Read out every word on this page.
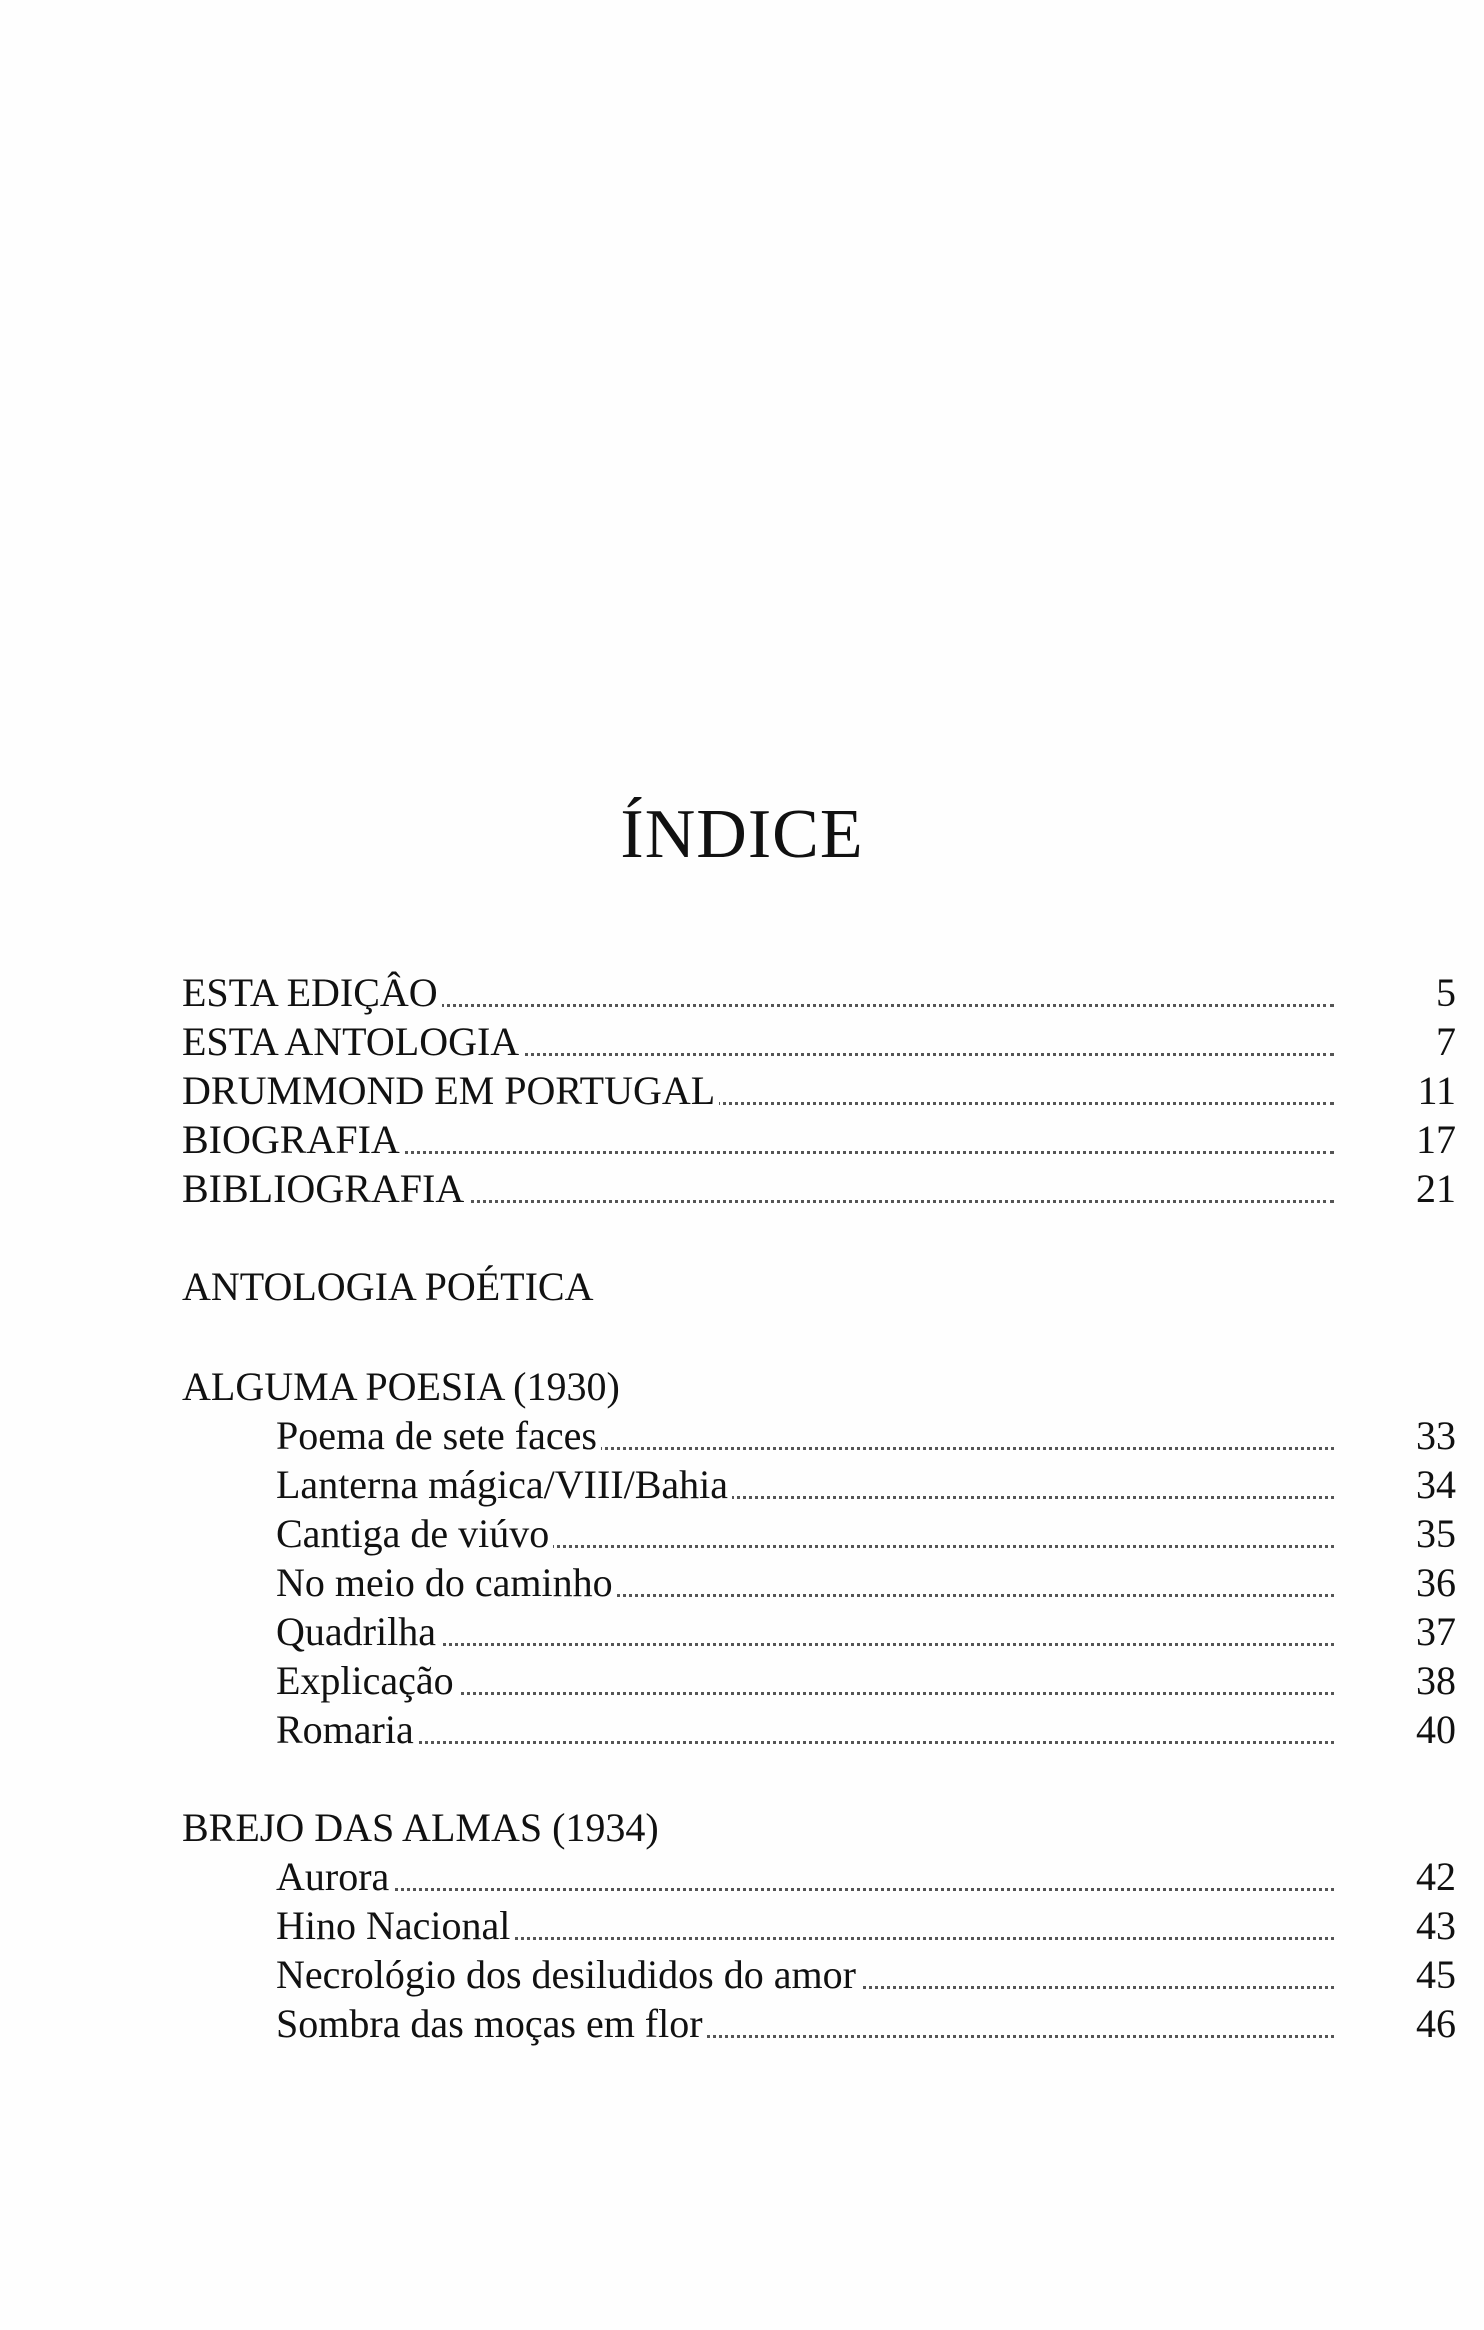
ÍNDICE
ESTA EDIÇÂO	5
ESTA ANTOLOGIA	7
DRUMMOND EM PORTUGAL	11
BIOGRAFIA	17
BIBLIOGRAFIA	21
ANTOLOGIA POÉTICA
ALGUMA POESIA (1930)
Poema de sete faces	33
Lanterna mágica/VIII/Bahia	34
Cantiga de viúvo	35
No meio do caminho	36
Quadrilha	37
Explicação	38
Romaria	40
BREJO DAS ALMAS (1934)
Aurora	42
Hino Nacional	43
Necrológio dos desiludidos do amor	45
Sombra das moças em flor	46
